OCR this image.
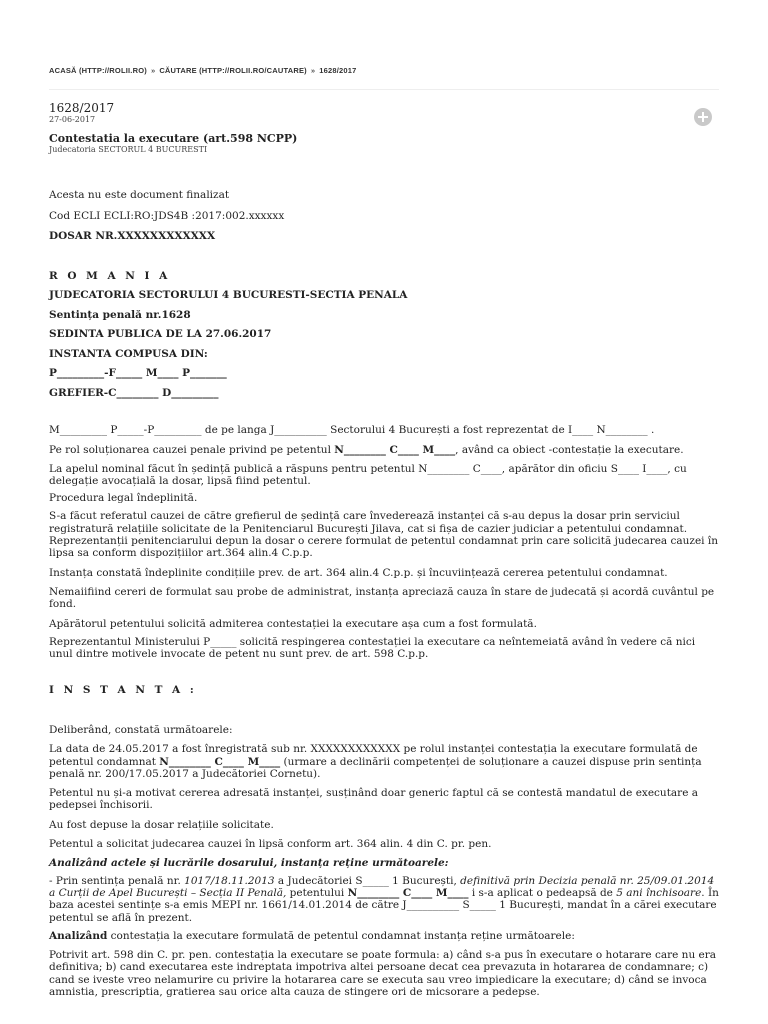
ACASĂ (HTTP://ROLII.RO) » CĂUTARE (HTTP://ROLII.RO/CAUTARE) » 1628/2017
1628/2017
27-06-2017
Contestatia la executare (art.598 NCPP)
Judecatoria SECTORUL 4 BUCURESTI
Acesta nu este document finalizat
Cod ECLI ECLI:RO:JDS4B :2017:002.xxxxxx
DOSAR NR.XXXXXXXXXXXX
R O M A N I A
JUDECATORIA SECTORULUI 4 BUCURESTI-SECTIA PENALA
Sentința penală nr.1628
SEDINTA PUBLICA DE LA 27.06.2017
INSTANTA COMPUSA DIN:
P_________-F_____ M____ P_______
GREFIER-C________ D_________
M_________ P_____-P_________ de pe langa J__________ Sectorului 4 București a fost reprezentat de I____ N________ .
Pe rol soluționarea cauzei penale privind pe petentul N________ C____ M____, având ca obiect -contestație la executare.
La apelul nominal făcut în ședință publică a răspuns pentru petentul N________ C____, apărător din oficiu S____ I____, cu delegație avocațială la dosar, lipsă fiind petentul.
Procedura legal îndeplinită.
S-a făcut referatul cauzei de către grefierul de ședință care învederează instanței că s-au depus la dosar prin serviciul registratură relațiile solicitate de la Penitenciarul București Jilava, cat si fișa de cazier judiciar a petentului condamnat. Reprezentanții penitenciarului depun la dosar o cerere formulat de petentul condamnat prin care solicită judecarea cauzei în lipsa sa conform dispozițiilor art.364 alin.4 C.p.p.
Instanța constată îndeplinite condițiile prev. de art. 364 alin.4 C.p.p. și încuviințează cererea petentului condamnat.
Nemaiifiind cereri de formulat sau probe de administrat, instanța apreciază cauza în stare de judecată și acordă cuvântul pe fond.
Apărătorul petentului solicită admiterea contestației la executare așa cum a fost formulată.
Reprezentantul Ministerului P_____ solicită respingerea contestației la executare ca neîntemeiată având în vedere că nici unul dintre motivele invocate de petent nu sunt prev. de art. 598 C.p.p.
I N S T A N T A :
Deliberând, constată următoarele:
La data de 24.05.2017 a fost înregistrată sub nr. XXXXXXXXXXXX pe rolul instanței contestația la executare formulată de petentul condamnat N________ C____ M____ (urmare a declinării competenței de soluționare a cauzei dispuse prin sentința penală nr. 200/17.05.2017 a Judecătoriei Cornetu).
Petentul nu și-a motivat cererea adresată instanței, susținând doar generic faptul că se contestă mandatul de executare a pedepsei închisorii.
Au fost depuse la dosar relațiile solicitate.
Petentul a solicitat judecarea cauzei în lipsă conform art. 364 alin. 4 din C. pr. pen.
Analizând actele și lucrările dosarului, instanța reține următoarele:
- Prin sentința penală nr. 1017/18.11.2013 a Judecătoriei S_____ 1 București, definitivă prin Decizia penală nr. 25/09.01.2014 a Curții de Apel București – Secția II Penală, petentului N________ C____ M____ i s-a aplicat o pedeapsă de 5 ani închisoare. În baza acestei sentințe s-a emis MEPI nr. 1661/14.01.2014 de către J__________ S_____ 1 București, mandat în a cărei executare petentul se află în prezent.
Analizând contestația la executare formulată de petentul condamnat instanța reține următoarele:
Potrivit art. 598 din C. pr. pen. contestația la executare se poate formula: a) când s-a pus în executare o hotarare care nu era definitiva; b) cand executarea este indreptata impotriva altei persoane decat cea prevazuta in hotararea de condamnare; c) cand se iveste vreo nelamurire cu privire la hotararea care se executa sau vreo impiedicare la executare; d) când se invoca amnistia, prescriptia, gratierea sau orice alta cauza de stingere ori de micsorare a pedepse.
